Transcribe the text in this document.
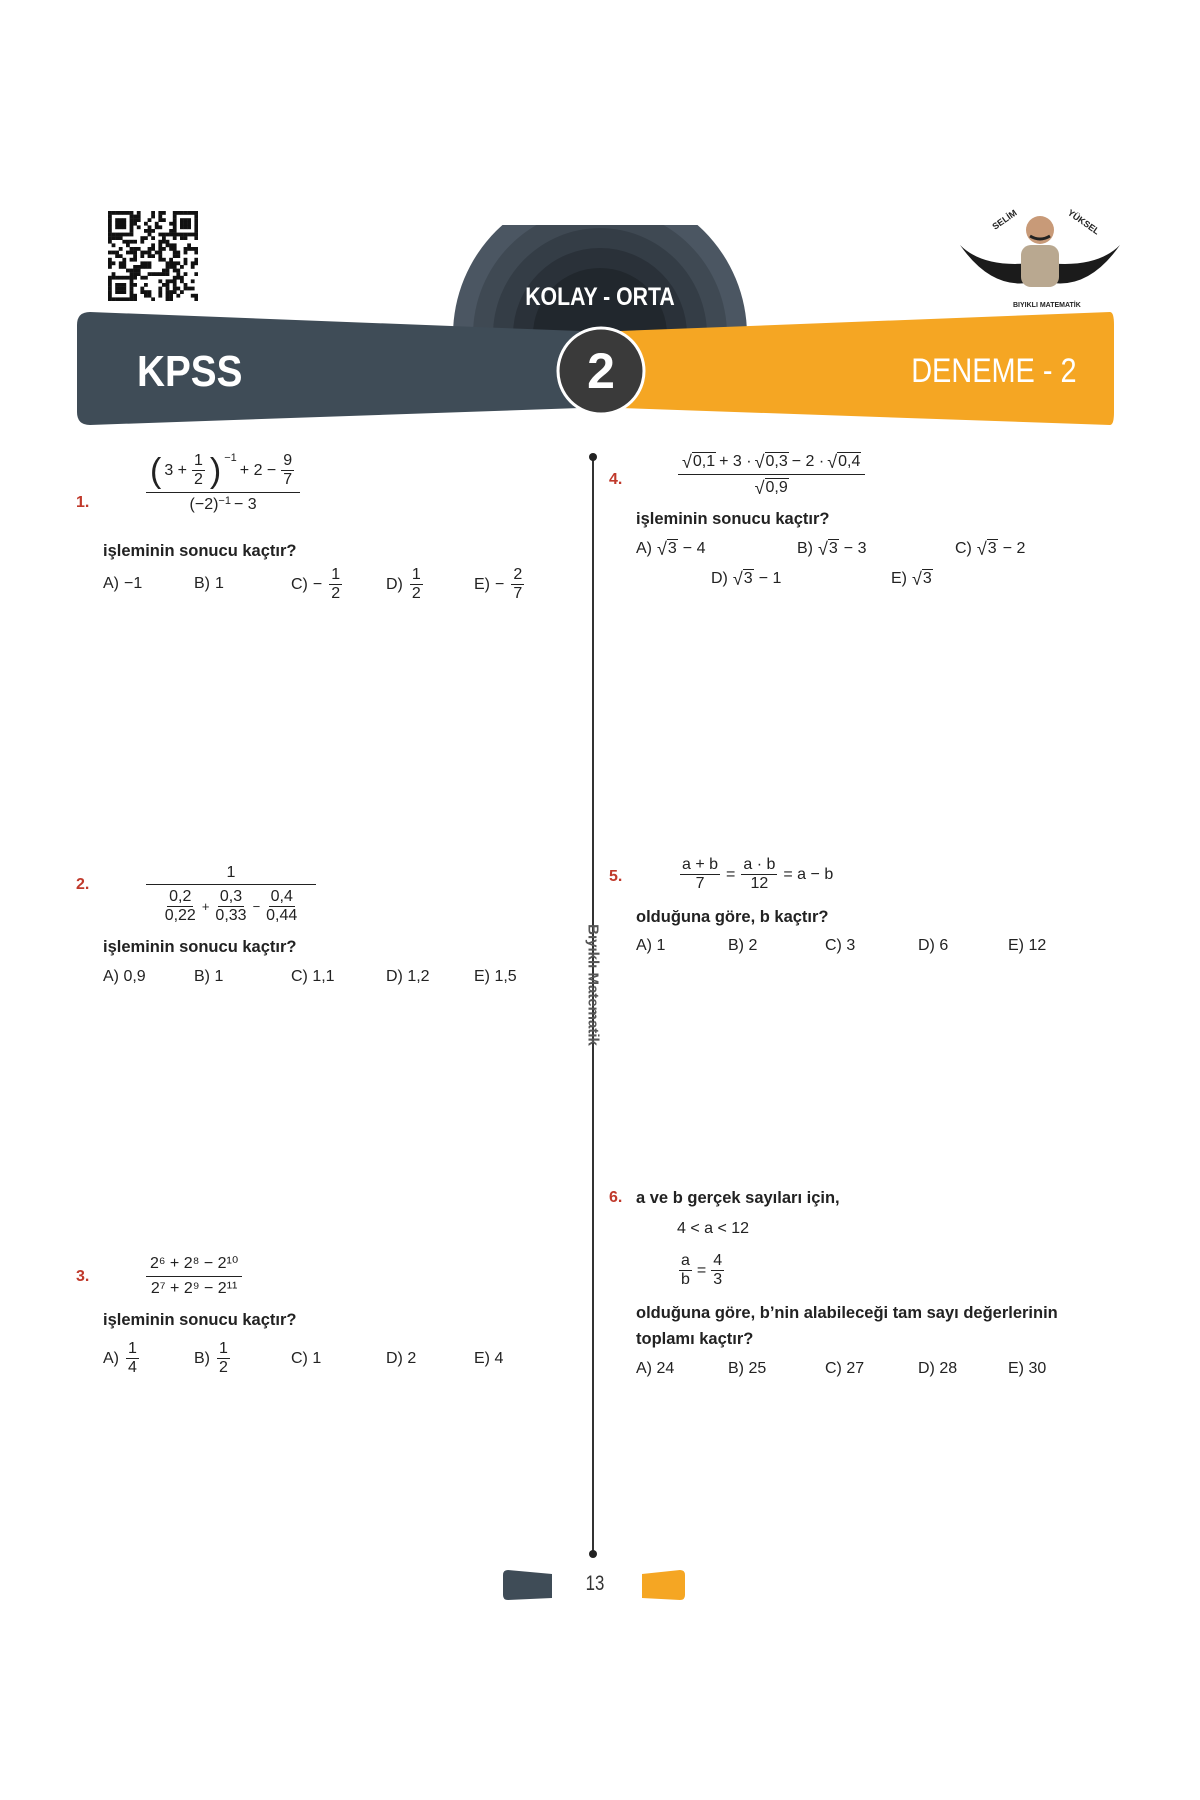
SELİM	YÜKSEL
BIYIKLI MATEMATİK
KOLAY - ORTA
KPSS	2	DENEME - 2
Bıyıklı Matematik
1.
( $3 + \frac{1}{2}$ ) $^{-1}$
+ $2 - \frac{9}{7}$
$(-2)^{-1} - 3$
işleminin sonucu kaçtır?
A) −1	B) 1	$C) - \frac{1}{2}$	$D) \frac{1}{2}$	$E) - \frac{2}{7}$
2.
1
$\frac{0,2}{0,22} + \frac{0,3}{0,33} - \frac{0,4}{0,44}$
işleminin sonucu kaçtır?
A) 0,9	B) 1	C) 1,1	D) 1,2	E) 1,5
3.	$\frac{\text{2⁶ + 2⁸ − 2¹⁰}}{\text{2⁷ + 2⁹ − 2¹¹}}$
işleminin sonucu kaçtır?
$A) \frac{1}{4}$	$B) \frac{1}{2}$	C) 1	D) 2	E) 4
4.
√ 0,1 + 3 · √ 0,3 − 2 · √ 0,4
√ 0,9
işleminin sonucu kaçtır?
A) √ 3 − 4	B) √ 3 − 3	C) √ 3 − 2
D) √ 3 − 1	E) √ 3
5.	$\frac{a + b}{7} = \frac{a \cdot b}{12} = a - b$
olduğuna göre, b kaçtır?
A) 1	B) 2	C) 3	D) 6	E) 12
6. a ve b gerçek sayıları için,
4 < a < 12
$\frac{a}{b} = \frac{4}{3}$
olduğuna göre, b’nin alabileceği tam sayı değerlerinin
toplamı kaçtır?
A) 24	B) 25	C) 27	D) 28	E) 30
13
